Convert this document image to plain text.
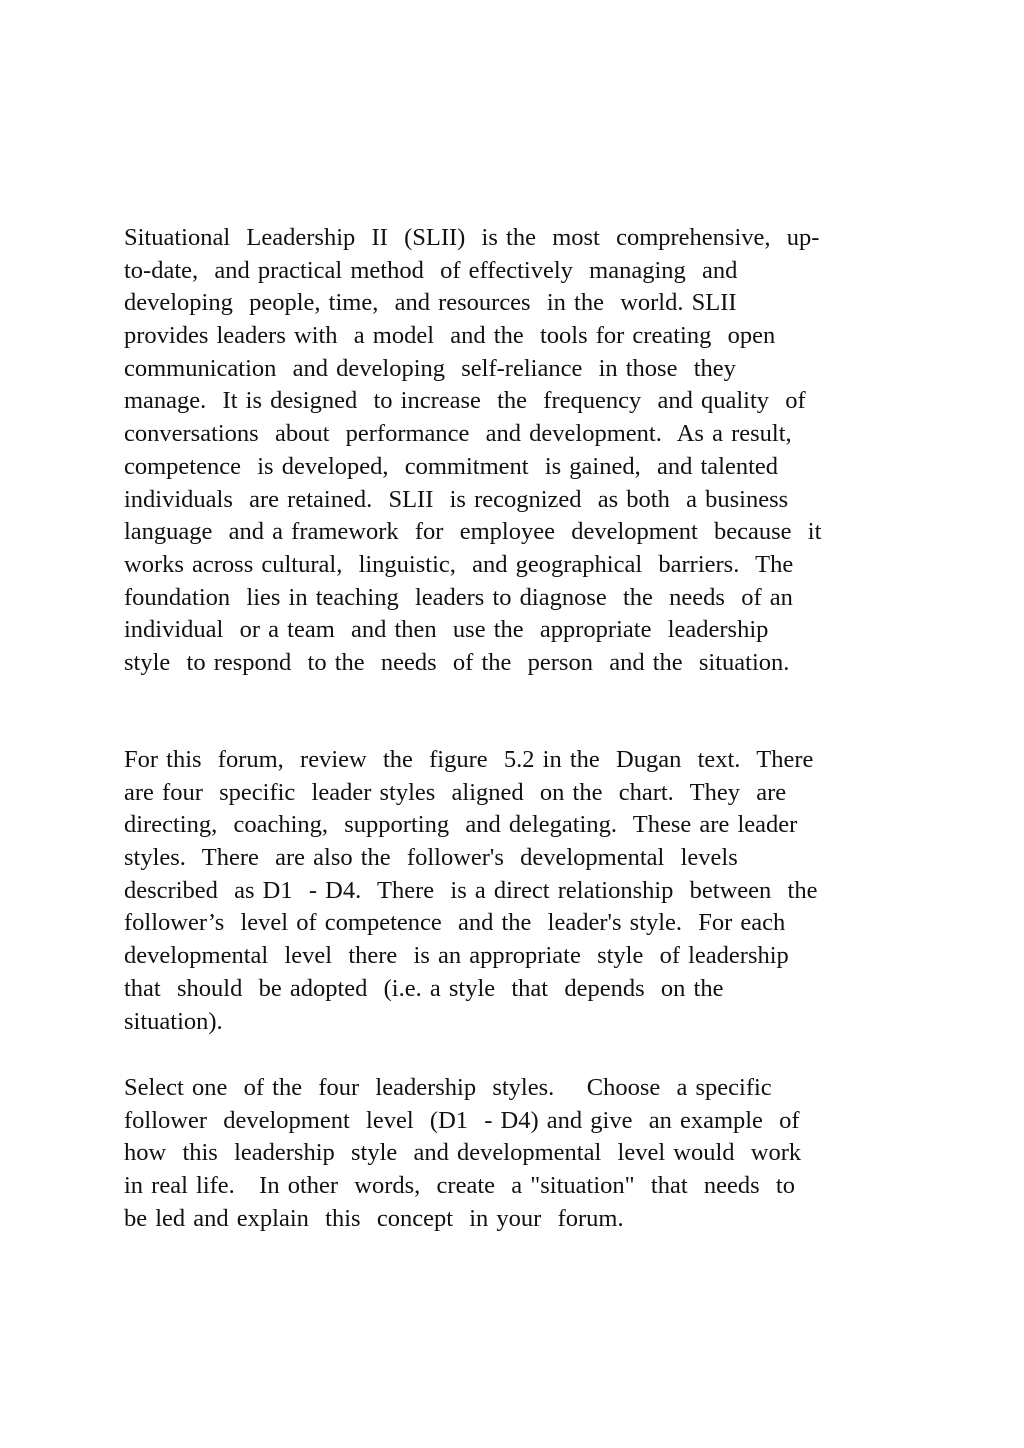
Situational  Leadership  II  (SLII)  is the  most  comprehensive,  up-
to-date,  and practical method  of effectively  managing  and
developing  people, time,  and resources  in the  world. SLII
provides leaders with  a model  and the  tools for creating  open
communication  and developing  self-reliance  in those  they
manage.  It is designed  to increase  the  frequency  and quality  of
conversations  about  performance  and development.  As a result,
competence  is developed,  commitment  is gained,  and talented
individuals  are retained.  SLII  is recognized  as both  a business
language  and a framework  for  employee  development  because  it
works across cultural,  linguistic,  and geographical  barriers.  The
foundation  lies in teaching  leaders to diagnose  the  needs  of an
individual  or a team  and then  use the  appropriate  leadership
style  to respond  to the  needs  of the  person  and the  situation.
For this  forum,  review  the  figure  5.2 in the  Dugan  text.  There
are four  specific  leader styles  aligned  on the  chart.  They  are
directing,  coaching,  supporting  and delegating.  These are leader
styles.  There  are also the  follower's  developmental  levels
described  as D1  - D4.  There  is a direct relationship  between  the
follower’s  level of competence  and the  leader's style.  For each
developmental  level  there  is an appropriate  style  of leadership
that  should  be adopted  (i.e. a style  that  depends  on the
situation).
Select one  of the  four  leadership  styles.    Choose  a specific
follower  development  level  (D1  - D4) and give  an example  of
how  this  leadership  style  and developmental  level would  work
in real life.   In other  words,  create  a "situation"  that  needs  to
be led and explain  this  concept  in your  forum.
